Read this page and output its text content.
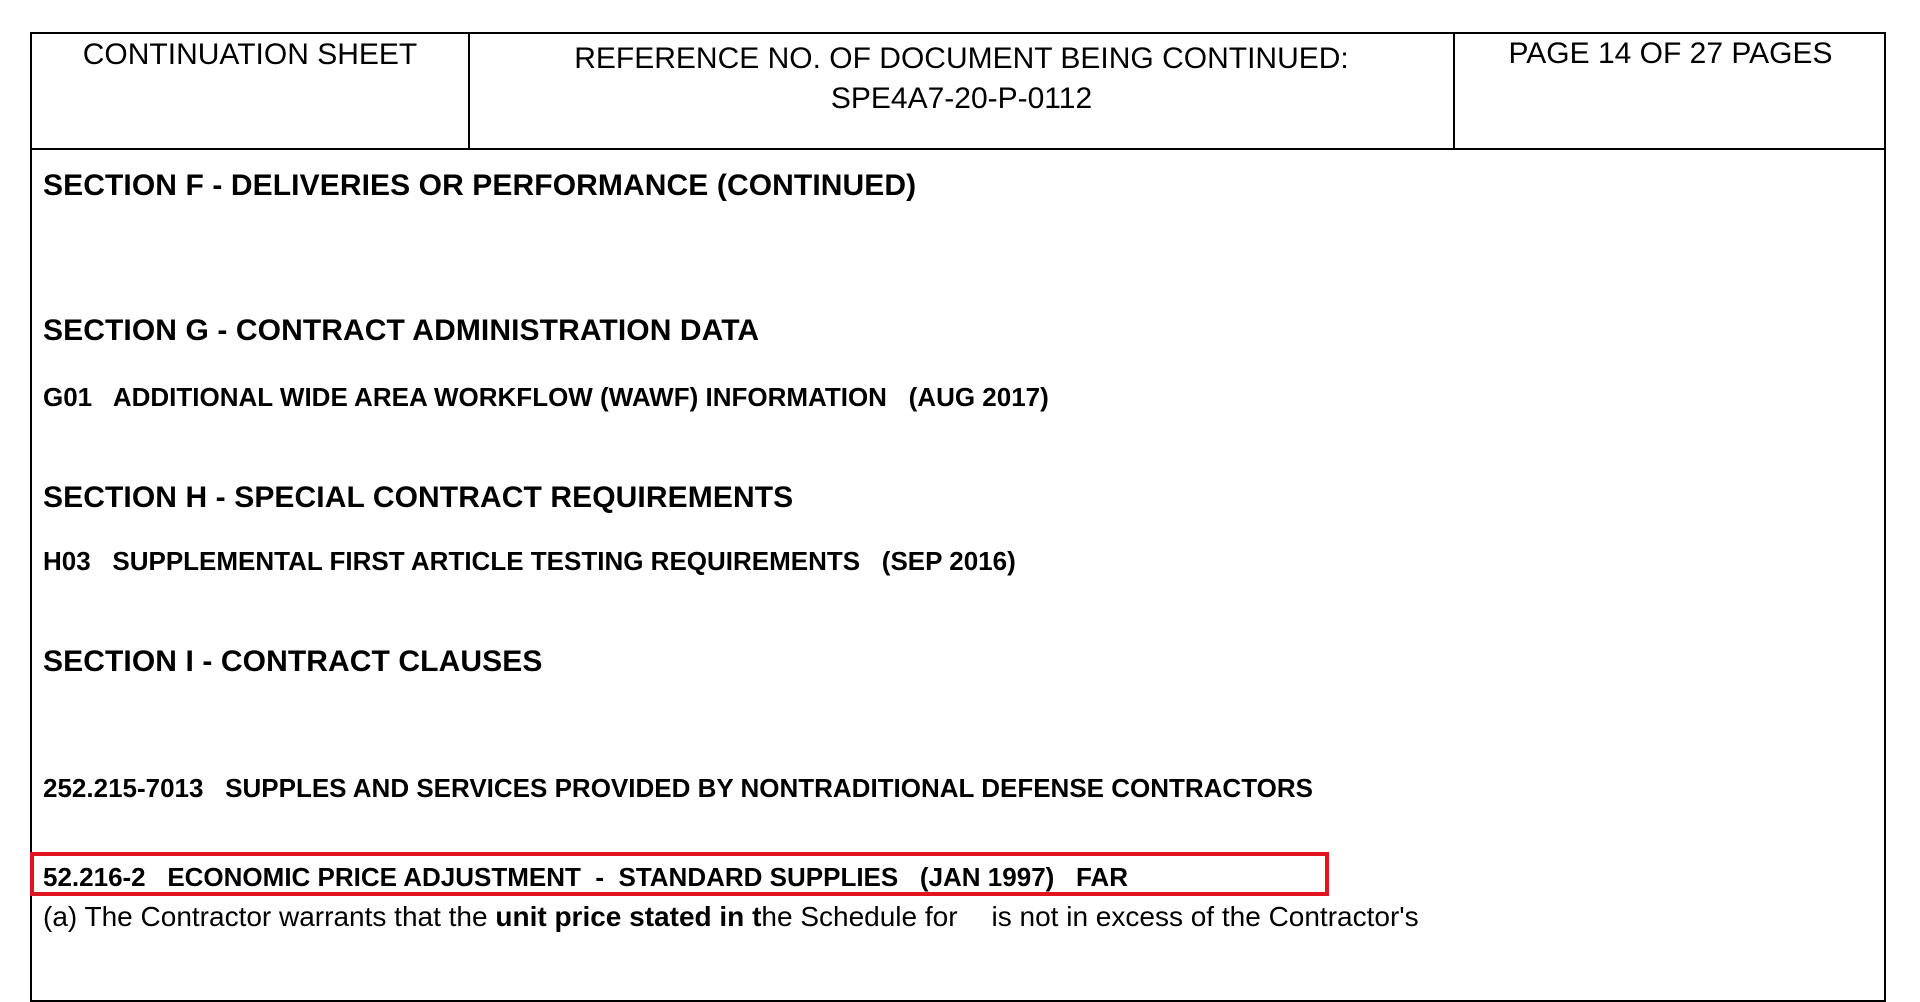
CONTINUATION SHEET	REFERENCE NO. OF DOCUMENT BEING CONTINUED:
SPE4A7-20-P-0112
PAGE 14 OF 27 PAGES
SECTION F - DELIVERIES OR PERFORMANCE (CONTINUED)
SECTION G - CONTRACT ADMINISTRATION DATA
G01   ADDITIONAL WIDE AREA WORKFLOW (WAWF) INFORMATION   (AUG 2017)
SECTION H - SPECIAL CONTRACT REQUIREMENTS
H03   SUPPLEMENTAL FIRST ARTICLE TESTING REQUIREMENTS   (SEP 2016)
SECTION I - CONTRACT CLAUSES
252.215-7013   SUPPLES AND SERVICES PROVIDED BY NONTRADITIONAL DEFENSE CONTRACTORS
52.216-2   ECONOMIC PRICE ADJUSTMENT  -  STANDARD SUPPLIES   (JAN 1997)   FAR
(a) The Contractor warrants that the unit price stated in the Schedule for is not in excess of the Contractor's
